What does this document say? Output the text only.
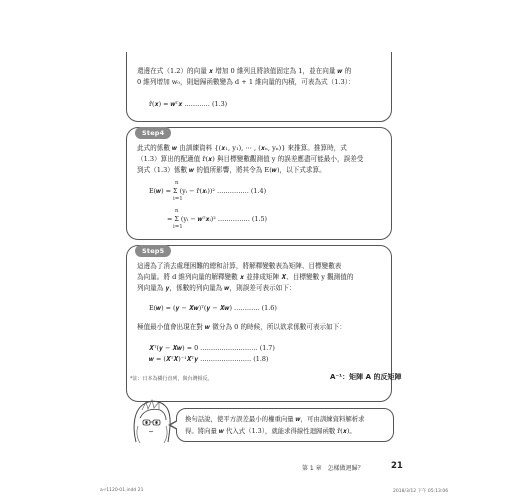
還邊在式（1.2）的向量 𝒙 增加 0 維列且將該值固定為 1，並在向量 𝒘 的
0 維列增加 w₀，則迴歸函數變為 d + 1 維向量的內積，可表為式（1.3）：
r̂(𝒙) = 𝒘ᵀ𝒙 ………… (1.3)
Step4
此式的係數 𝒘 由訓練資料 {(𝒙₁, y₁), ⋯ , (𝒙ₙ, yₙ)} 來推算。推算時，式
（1.3）算出的配適值 r̂(𝒙) 與目標變數觀測值 y 的誤差應盡可能最小，誤差受
到式（1.3）係數 𝒘 的值所影響，將其令為 E(𝒘)，以下式求算。
n
E(𝒘) = Σ (yᵢ − r̂(𝒙ᵢ))² …………… (1.4)
i=1
n
= Σ (yᵢ − 𝒘ᵀ𝒙ᵢ)² …………… (1.5)
i=1
Step5
這邊為了消去處理困難的總和計算，將解釋變數表為矩陣、目標變數表
為向量。將 d 維列向量的解釋變數 𝒙 並排成矩陣 𝑿、目標變數 y 觀測值的
列向量為 𝒚，係數的列向量為 𝒘，則誤差可表示如下：
E(𝒘) = (𝒚 − 𝑿𝒘)ᵀ(𝒚 − 𝑿𝒘) ………… (1.6)
極值最小值會出現在對 𝒘 微分為 0 的時候，所以欲求係數可表示如下：
𝑿ᵀ(𝒚 − 𝑿𝒘) = 0 ……………………… (1.7)
𝒘 = (𝑿ᵀ𝑿)⁻¹𝑿ᵀ𝒚 …………………… (1.8)
*註：日本為橫行直列，與台灣相反。	A⁻¹：矩陣 A 的反矩陣
換句話說，使平方誤差最小的權重向量 𝒘，可由訓練資料解析求
得。將向量 𝒘 代入式（1.3），就能求得線性迴歸函數 r̂(𝒙)。
第 1 章　怎樣做迴歸？	21
a-r1120-01.indd 21	2018/3/12 下午 05:13:06
